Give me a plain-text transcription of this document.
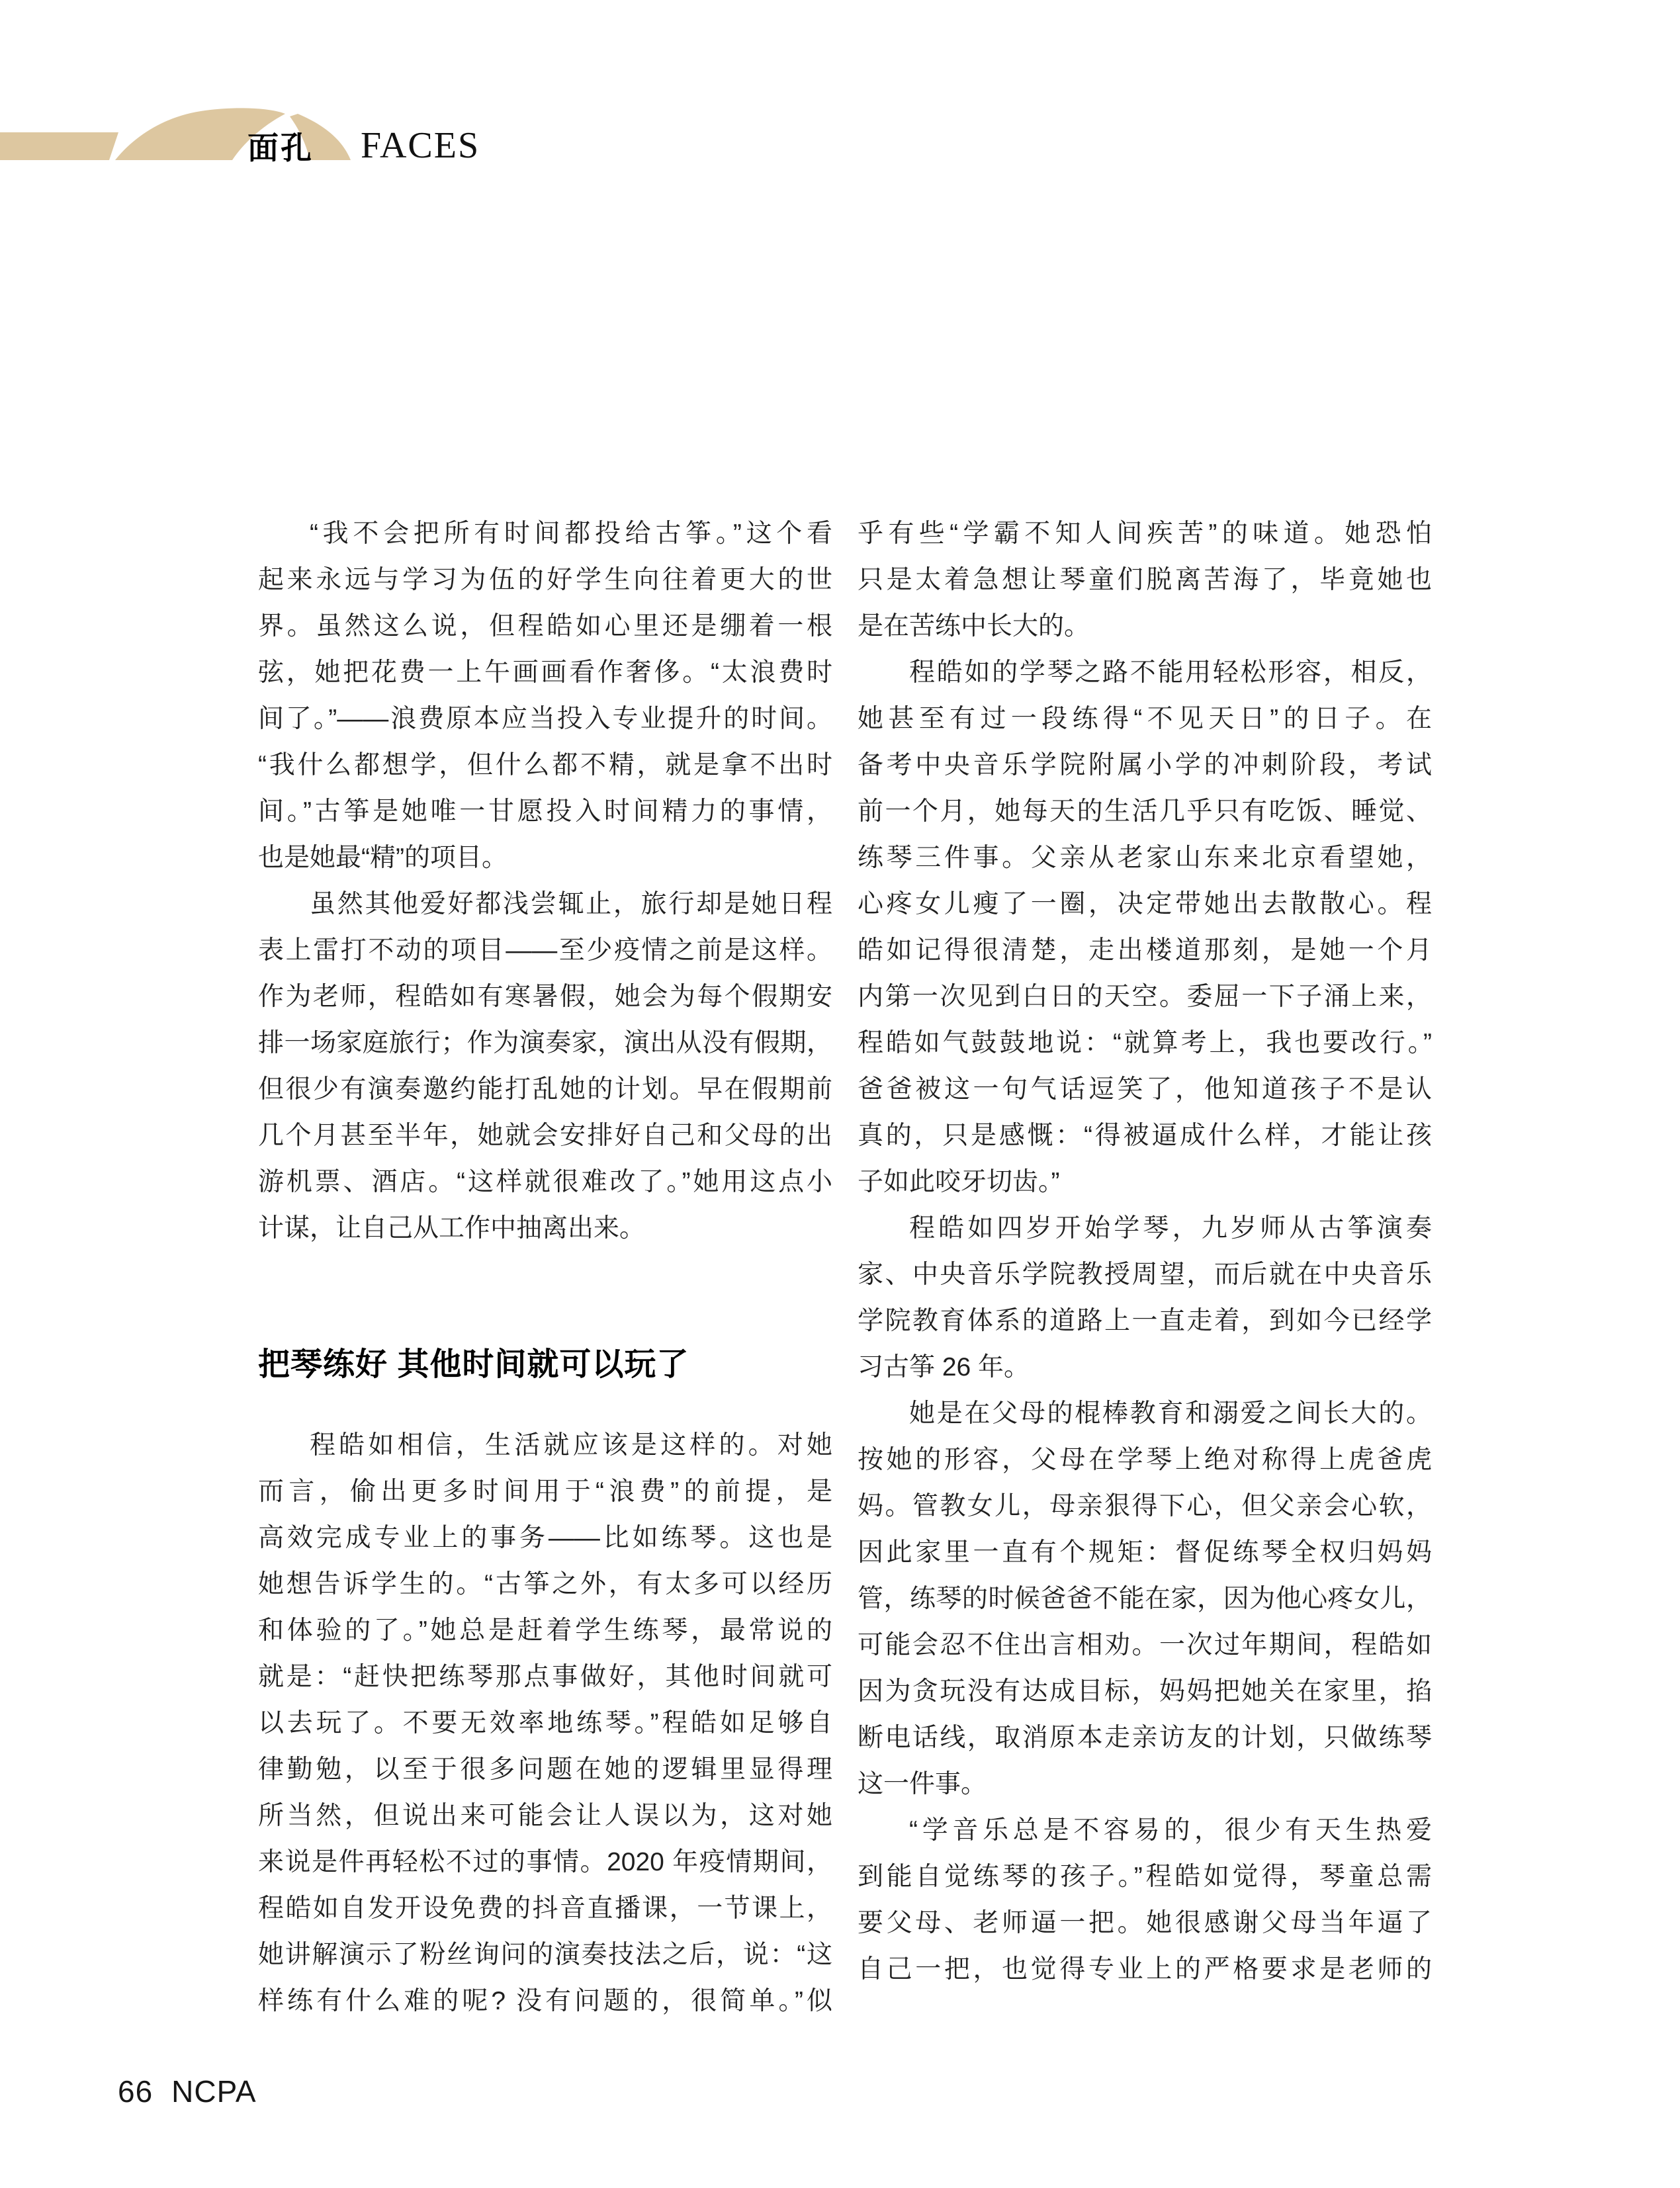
面孔 FACES
“我不会把所有时间都投给古筝。”这个看
起来永远与学习为伍的好学生向往着更大的世
界。虽然这么说，但程皓如心里还是绷着一根
弦，她把花费一上午画画看作奢侈。“太浪费时
间了。”——浪费原本应当投入专业提升的时间。
“我什么都想学，但什么都不精，就是拿不出时
间。”古筝是她唯一甘愿投入时间精力的事情，
也是她最“精”的项目。
虽然其他爱好都浅尝辄止，旅行却是她日程
表上雷打不动的项目——至少疫情之前是这样。
作为老师，程皓如有寒暑假，她会为每个假期安
排一场家庭旅行；作为演奏家，演出从没有假期，
但很少有演奏邀约能打乱她的计划。早在假期前
几个月甚至半年，她就会安排好自己和父母的出
游机票、酒店。“这样就很难改了。”她用这点小
计谋，让自己从工作中抽离出来。
把琴练好 其他时间就可以玩了
程皓如相信，生活就应该是这样的。对她
而言，偷出更多时间用于“浪费”的前提，是
高效完成专业上的事务——比如练琴。这也是
她想告诉学生的。“古筝之外，有太多可以经历
和体验的了。”她总是赶着学生练琴，最常说的
就是：“赶快把练琴那点事做好，其他时间就可
以去玩了。不要无效率地练琴。”程皓如足够自
律勤勉，以至于很多问题在她的逻辑里显得理
所当然，但说出来可能会让人误以为，这对她
来说是件再轻松不过的事情。2020 年疫情期间，
程皓如自发开设免费的抖音直播课，一节课上，
她讲解演示了粉丝询问的演奏技法之后，说：“这
样练有什么难的呢? 没有问题的，很简单。”似
乎有些“学霸不知人间疾苦”的味道。她恐怕
只是太着急想让琴童们脱离苦海了，毕竟她也
是在苦练中长大的。
程皓如的学琴之路不能用轻松形容，相反，
她甚至有过一段练得“不见天日”的日子。在
备考中央音乐学院附属小学的冲刺阶段，考试
前一个月，她每天的生活几乎只有吃饭、睡觉、
练琴三件事。父亲从老家山东来北京看望她，
心疼女儿瘦了一圈，决定带她出去散散心。程
皓如记得很清楚，走出楼道那刻，是她一个月
内第一次见到白日的天空。委屈一下子涌上来，
程皓如气鼓鼓地说：“就算考上，我也要改行。”
爸爸被这一句气话逗笑了，他知道孩子不是认
真的，只是感慨：“得被逼成什么样，才能让孩
子如此咬牙切齿。”
程皓如四岁开始学琴，九岁师从古筝演奏
家、中央音乐学院教授周望，而后就在中央音乐
学院教育体系的道路上一直走着，到如今已经学
习古筝 26 年。
她是在父母的棍棒教育和溺爱之间长大的。
按她的形容，父母在学琴上绝对称得上虎爸虎
妈。管教女儿，母亲狠得下心，但父亲会心软，
因此家里一直有个规矩：督促练琴全权归妈妈
管，练琴的时候爸爸不能在家，因为他心疼女儿，
可能会忍不住出言相劝。一次过年期间，程皓如
因为贪玩没有达成目标，妈妈把她关在家里，掐
断电话线，取消原本走亲访友的计划，只做练琴
这一件事。
“学音乐总是不容易的，很少有天生热爱
到能自觉练琴的孩子。”程皓如觉得，琴童总需
要父母、老师逼一把。她很感谢父母当年逼了
自己一把，也觉得专业上的严格要求是老师的
66 NCPA
